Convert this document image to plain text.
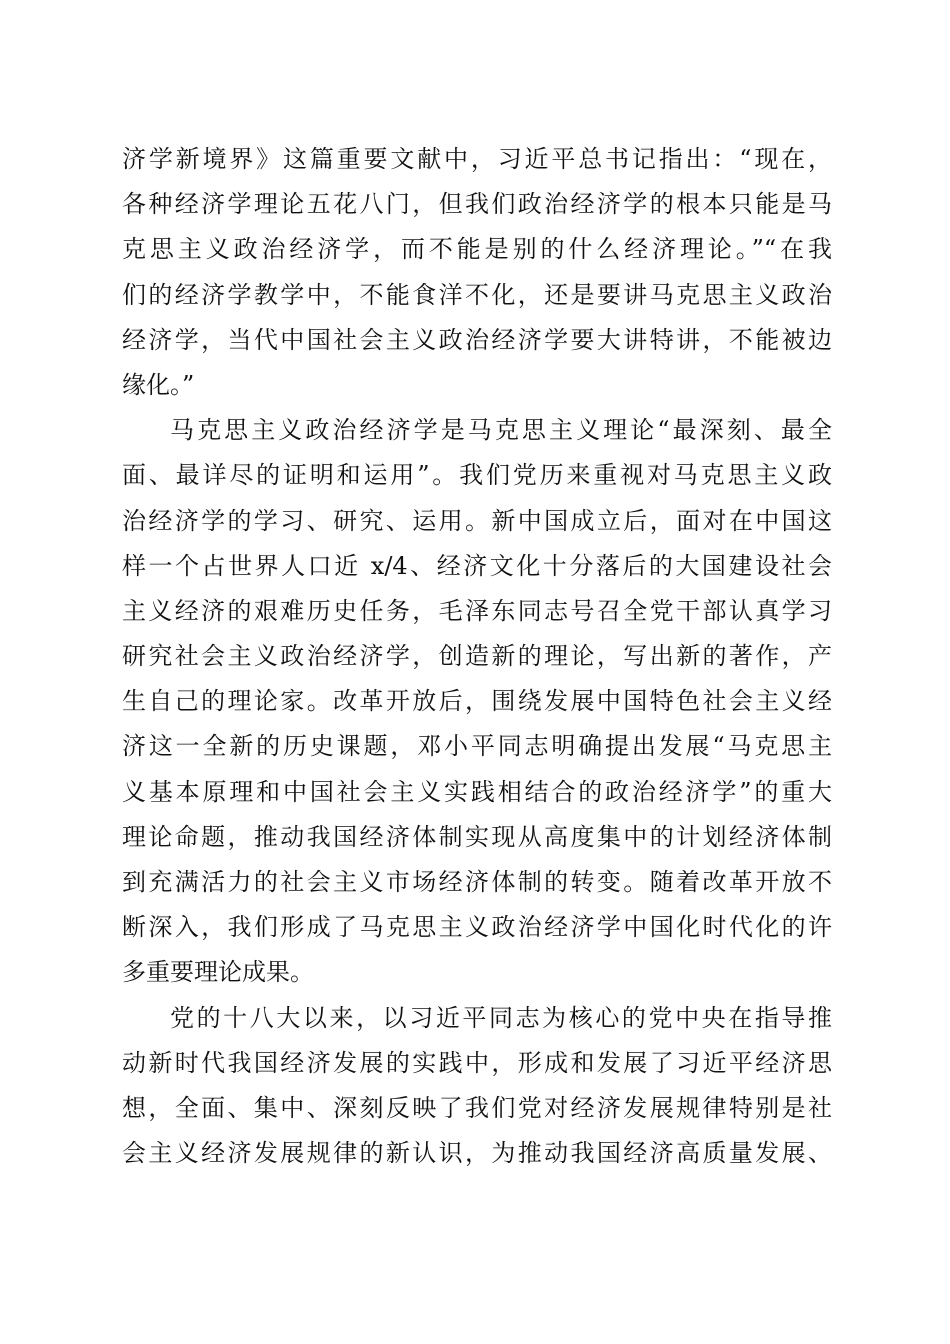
济学新境界》这篇重要文献中，习近平总书记指出：“现在，
各种经济学理论五花八门，但我们政治经济学的根本只能是马
克思主义政治经济学，而不能是别的什么经济理论。”“在我
们的经济学教学中，不能食洋不化，还是要讲马克思主义政治
经济学，当代中国社会主义政治经济学要大讲特讲，不能被边
缘化。”
马克思主义政治经济学是马克思主义理论“最深刻、最全
面、最详尽的证明和运用”。我们党历来重视对马克思主义政
治经济学的学习、研究、运用。新中国成立后，面对在中国这
样一个占世界人口近 x/4、经济文化十分落后的大国建设社会
主义经济的艰难历史任务，毛泽东同志号召全党干部认真学习
研究社会主义政治经济学，创造新的理论，写出新的著作，产
生自己的理论家。改革开放后，围绕发展中国特色社会主义经
济这一全新的历史课题，邓小平同志明确提出发展“马克思主
义基本原理和中国社会主义实践相结合的政治经济学”的重大
理论命题，推动我国经济体制实现从高度集中的计划经济体制
到充满活力的社会主义市场经济体制的转变。随着改革开放不
断深入，我们形成了马克思主义政治经济学中国化时代化的许
多重要理论成果。
党的十八大以来，以习近平同志为核心的党中央在指导推
动新时代我国经济发展的实践中，形成和发展了习近平经济思
想，全面、集中、深刻反映了我们党对经济发展规律特别是社
会主义经济发展规律的新认识，为推动我国经济高质量发展、
